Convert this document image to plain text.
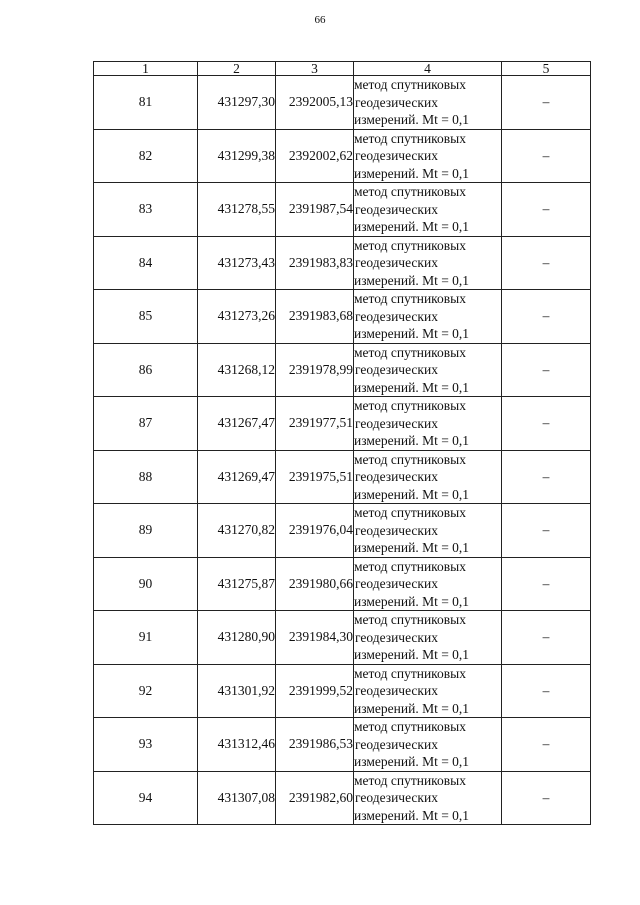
66
1	2	3	4	5
81	431297,30	2392005,13	метод спутниковых
геодезических
измерений. Mt = 0,1	–
82	431299,38	2392002,62	метод спутниковых
геодезических
измерений. Mt = 0,1	–
83	431278,55	2391987,54	метод спутниковых
геодезических
измерений. Mt = 0,1	–
84	431273,43	2391983,83	метод спутниковых
геодезических
измерений. Mt = 0,1	–
85	431273,26	2391983,68	метод спутниковых
геодезических
измерений. Mt = 0,1	–
86	431268,12	2391978,99	метод спутниковых
геодезических
измерений. Mt = 0,1	–
87	431267,47	2391977,51	метод спутниковых
геодезических
измерений. Mt = 0,1	–
88	431269,47	2391975,51	метод спутниковых
геодезических
измерений. Mt = 0,1	–
89	431270,82	2391976,04	метод спутниковых
геодезических
измерений. Mt = 0,1	–
90	431275,87	2391980,66	метод спутниковых
геодезических
измерений. Mt = 0,1	–
91	431280,90	2391984,30	метод спутниковых
геодезических
измерений. Mt = 0,1	–
92	431301,92	2391999,52	метод спутниковых
геодезических
измерений. Mt = 0,1	–
93	431312,46	2391986,53	метод спутниковых
геодезических
измерений. Mt = 0,1	–
94	431307,08	2391982,60	метод спутниковых
геодезических
измерений. Mt = 0,1	–
